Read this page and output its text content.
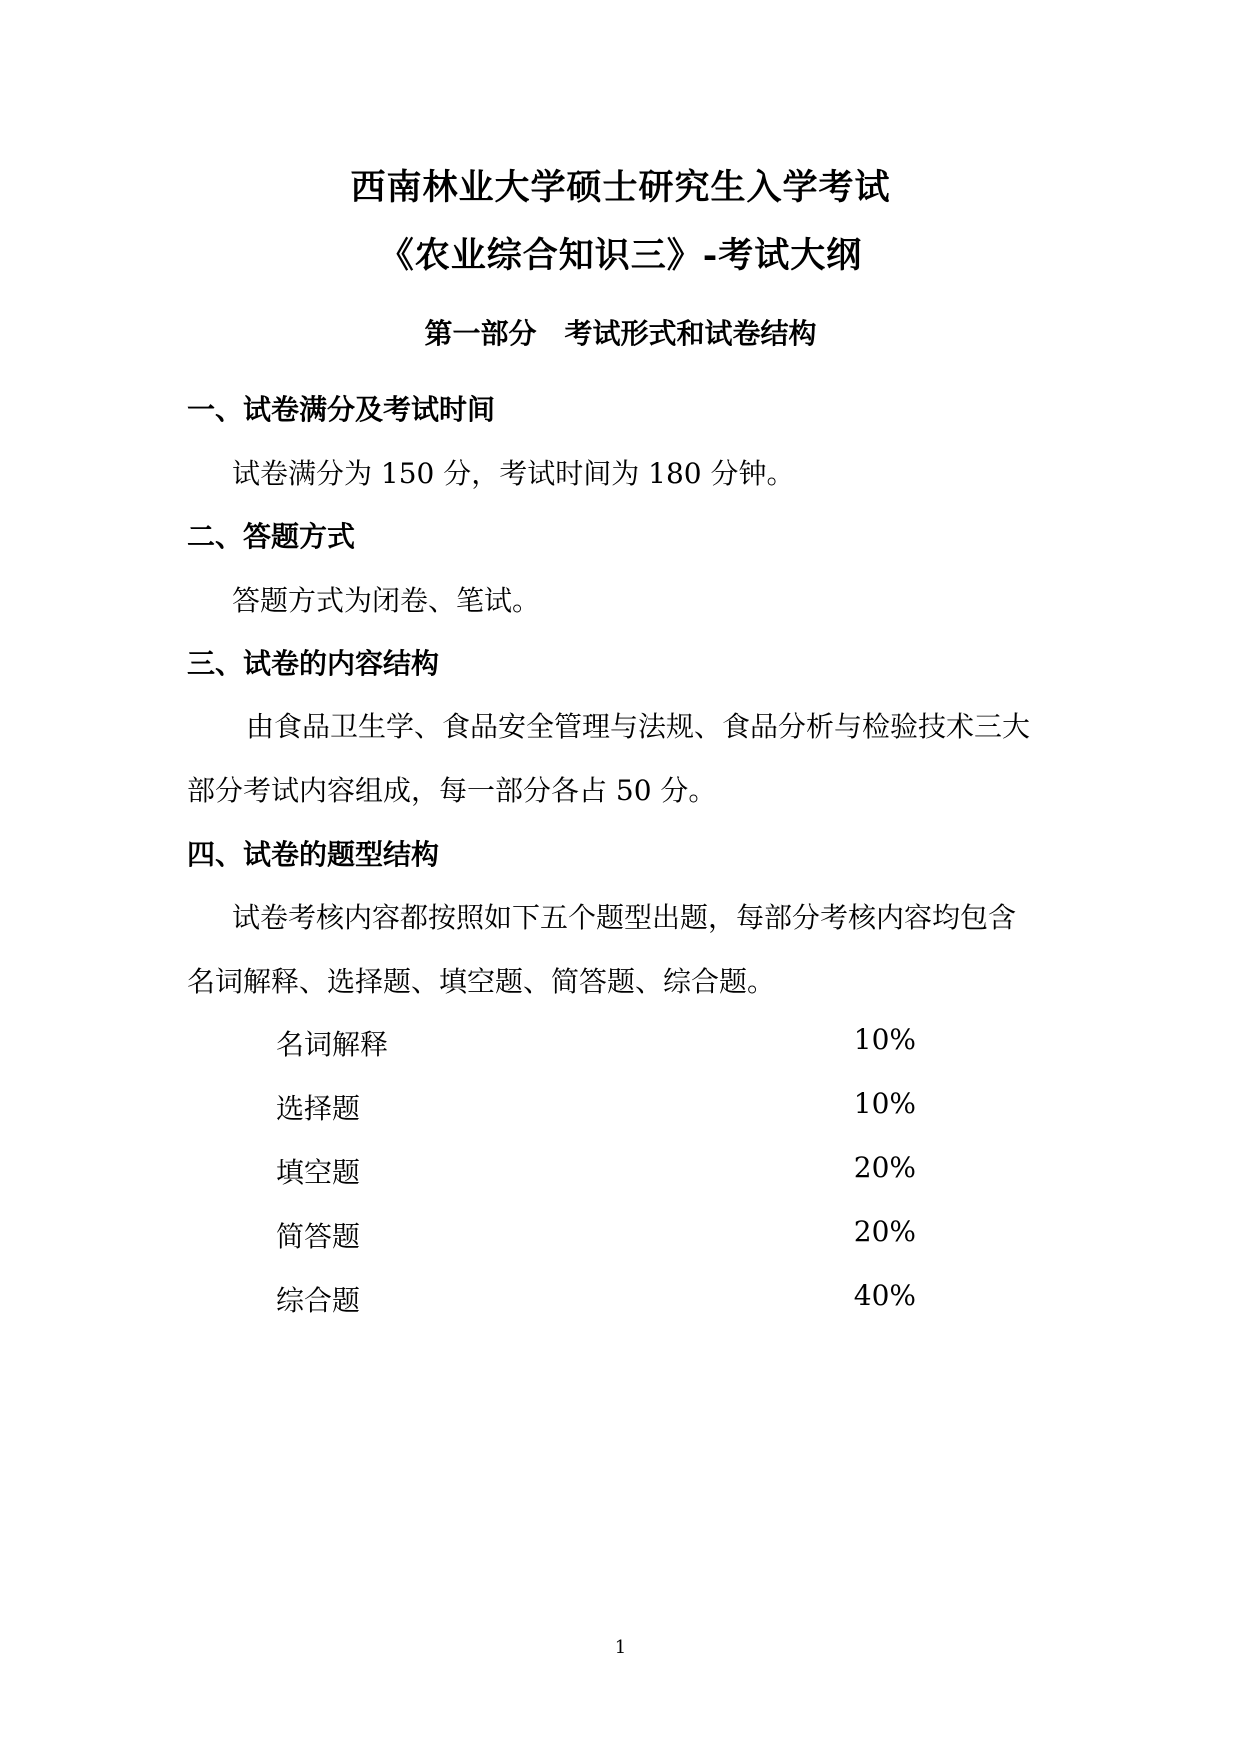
西南林业大学硕士研究生入学考试
《农业综合知识三》-考试大纲
第一部分　考试形式和试卷结构
一、试卷满分及考试时间
试卷满分为 150 分，考试时间为 180 分钟。
二、答题方式
答题方式为闭卷、笔试。
三、试卷的内容结构
由食品卫生学、食品安全管理与法规、食品分析与检验技术三大
部分考试内容组成，每一部分各占 50 分。
四、试卷的题型结构
试卷考核内容都按照如下五个题型出题，每部分考核内容均包含
名词解释、选择题、填空题、简答题、综合题。
名词解释	10%
选择题	10%
填空题	20%
简答题	20%
综合题	40%
1
